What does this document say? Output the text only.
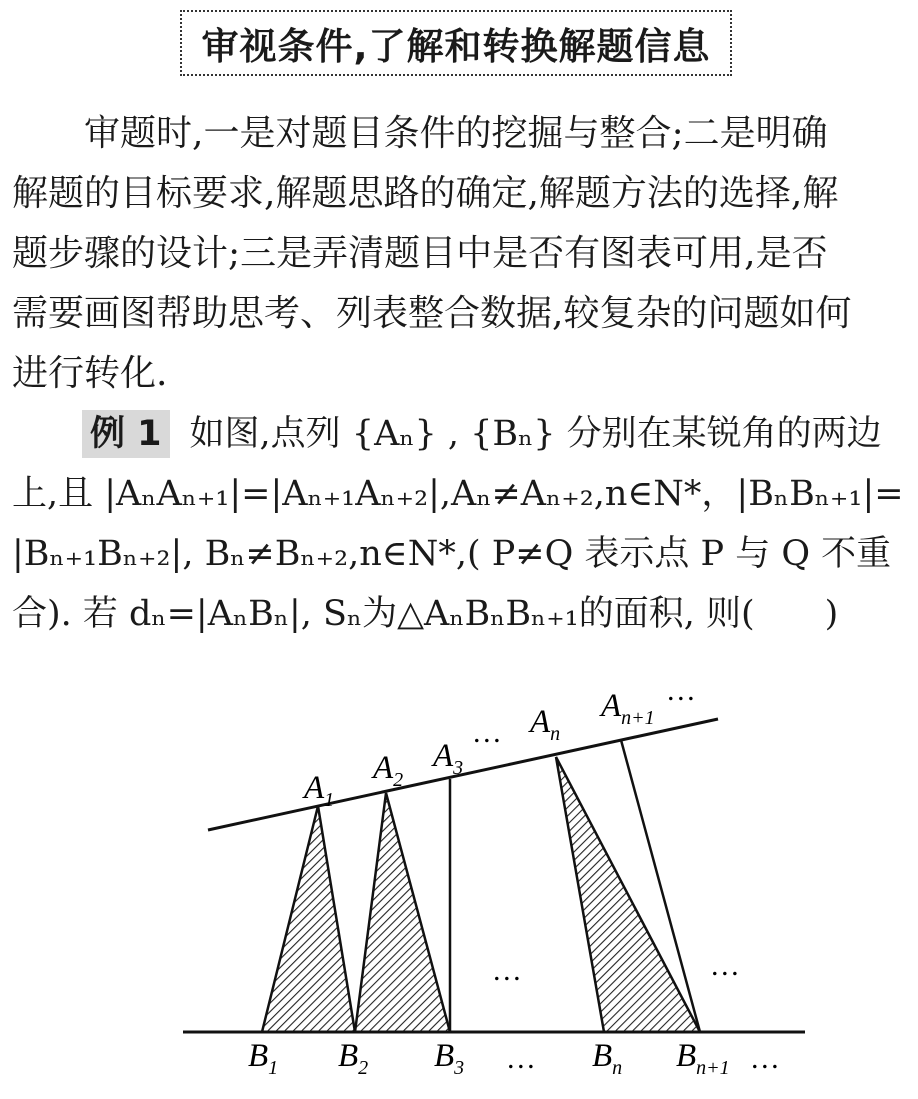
审视条件,了解和转换解题信息
　　审题时,一是对题目条件的挖掘与整合;二是明确
解题的目标要求,解题思路的确定,解题方法的选择,解
题步骤的设计;三是弄清题目中是否有图表可用,是否
需要画图帮助思考、列表整合数据,较复杂的问题如何
进行转化.
例 1 如图,点列 {Aₙ} , {Bₙ} 分别在某锐角的两边
上,且 |AₙAₙ₊₁|=|Aₙ₊₁Aₙ₊₂|,Aₙ≠Aₙ₊₂,n∈N*，|BₙBₙ₊₁|=
|Bₙ₊₁Bₙ₊₂|, Bₙ≠Bₙ₊₂,n∈N*,( P≠Q 表示点 P 与 Q 不重
合). 若 dₙ=|AₙBₙ|, Sₙ为△AₙBₙBₙ₊₁的面积, 则(　　)
$A_1$
$A_2$
$A_3$
… $A_n$
$A_{n+1}$
…
…	…
$B_1$ $B_2$ $B_3$ … $B_n$ $B_{n+1}$ …
